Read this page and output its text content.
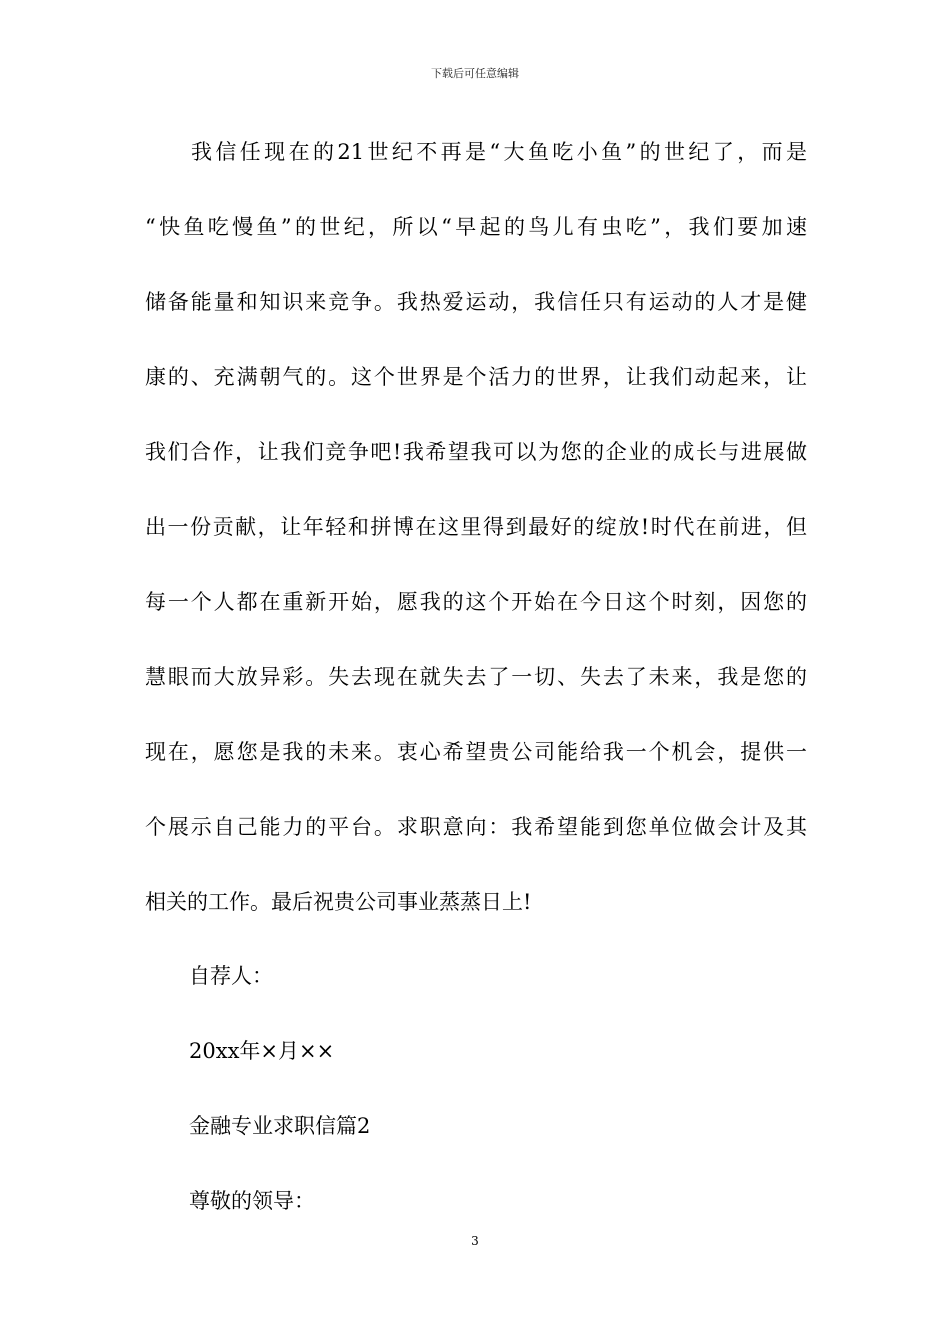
下载后可任意编辑
我信任现在的21世纪不再是“大鱼吃小鱼”的世纪了，而是
“快鱼吃慢鱼”的世纪，所以“早起的鸟儿有虫吃”，我们要加速
储备能量和知识来竞争。我热爱运动，我信任只有运动的人才是健
康的、充满朝气的。这个世界是个活力的世界，让我们动起来，让
我们合作，让我们竞争吧!我希望我可以为您的企业的成长与进展做
出一份贡献，让年轻和拼博在这里得到最好的绽放!时代在前进，但
每一个人都在重新开始，愿我的这个开始在今日这个时刻，因您的
慧眼而大放异彩。失去现在就失去了一切、失去了未来，我是您的
现在，愿您是我的未来。衷心希望贵公司能给我一个机会，提供一
个展示自己能力的平台。求职意向：我希望能到您单位做会计及其
相关的工作。最后祝贵公司事业蒸蒸日上!
自荐人：
20xx年×月××
金融专业求职信篇2
尊敬的领导：
3
